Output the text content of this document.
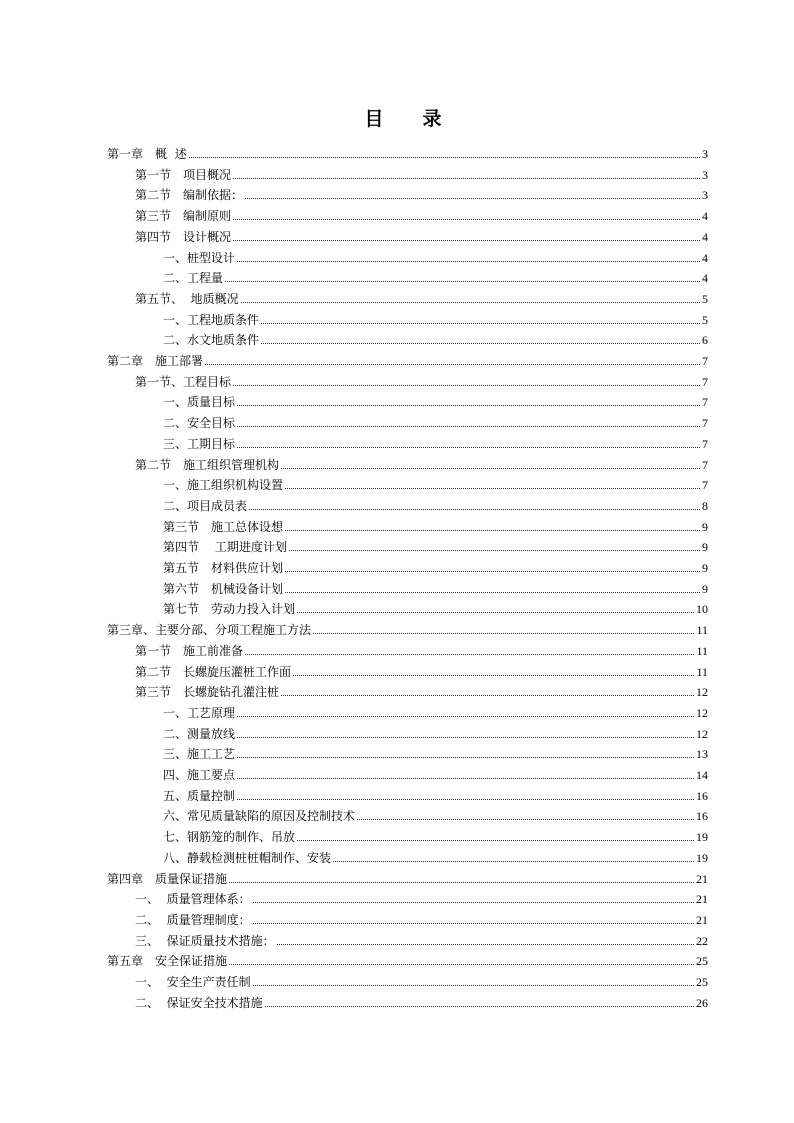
目　录
第一章　概  述	3
第一节　项目概况	3
第二节　编制依据：	3
第三节　编制原则	4
第四节　设计概况	4
一、桩型设计	4
二、工程量	4
第五节、  地质概况	5
一、工程地质条件	5
二、水文地质条件	6
第二章　施工部署	7
第一节、工程目标	7
一、质量目标	7
二、安全目标	7
三、工期目标	7
第二节　施工组织管理机构	7
一、施工组织机构设置	7
二、项目成员表	8
第三节　施工总体设想	9
第四节　 工期进度计划	9
第五节　材料供应计划	9
第六节　机械设备计划	9
第七节　劳动力投入计划	10
第三章、主要分部、分项工程施工方法	11
第一节　施工前准备	11
第二节　长螺旋压灌桩工作面	11
第三节　长螺旋钻孔灌注桩	12
一、工艺原理	12
二、测量放线	12
三、施工工艺	13
四、施工要点	14
五、质量控制	16
六、常见质量缺陷的原因及控制技术	16
七、钢筋笼的制作、吊放	19
八、静载检测桩桩帽制作、安装	19
第四章　质量保证措施	21
一、  质量管理体系：	21
二、  质量管理制度：	21
三、  保证质量技术措施：	22
第五章　安全保证措施	25
一、  安全生产责任制	25
二、  保证安全技术措施	26
